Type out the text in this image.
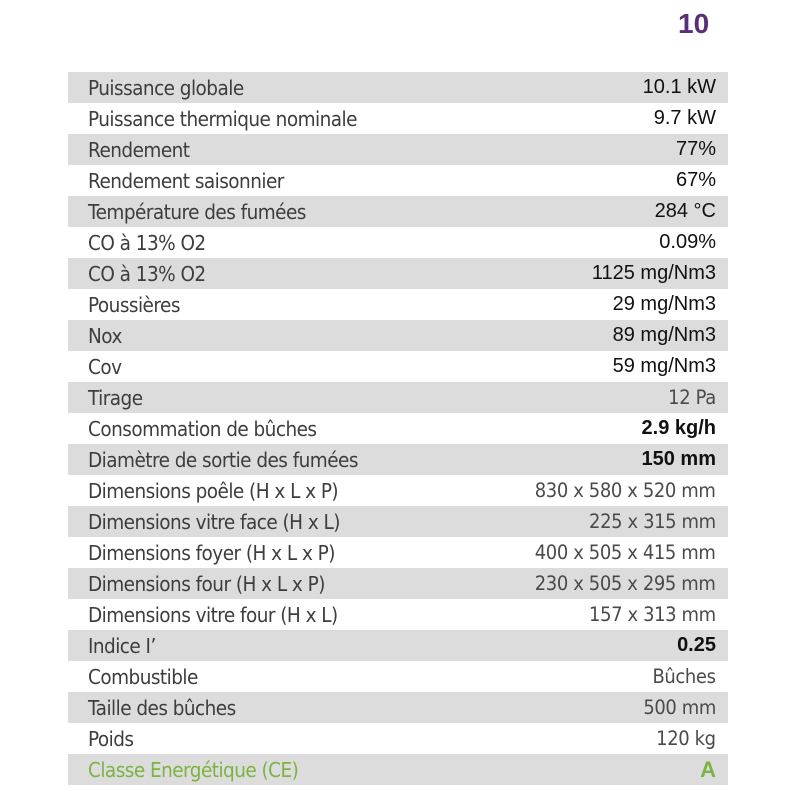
10
Puissance globale	10.1 kW
Puissance thermique nominale	9.7 kW
Rendement	77%
Rendement saisonnier	67%
Température des fumées	284 °C
CO à 13% O2	0.09%
CO à 13% O2	1125 mg/Nm3
Poussières	29 mg/Nm3
Nox	89 mg/Nm3
Cov	59 mg/Nm3
Tirage	12 Pa
Consommation de bûches	2.9 kg/h
Diamètre de sortie des fumées	150 mm
Dimensions poêle (H x L x P)	830 x 580 x 520 mm
Dimensions vitre face (H x L)	225 x 315 mm
Dimensions foyer (H x L x P)	400 x 505 x 415 mm
Dimensions four (H x L x P)	230 x 505 x 295 mm
Dimensions vitre four (H x L)	157 x 313 mm
Indice I’	0.25
Combustible	Bûches
Taille des bûches	500 mm
Poids	120 kg
Classe Energétique (CE)	A
